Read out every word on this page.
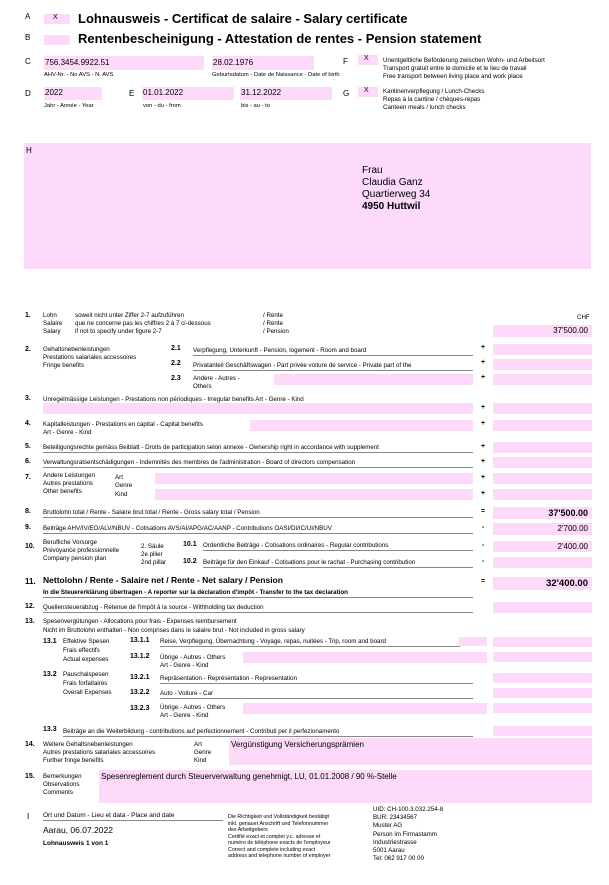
A	X Lohnausweis - Certificat de salaire - Salary certificate
B	Rentenbescheinigung - Attestation de rentes - Pension statement
C 756.3454.9922.51
AHV-Nr. - No AVS - N. AVS
28.02.1976
Geburtsdatum - Date de Naissance - Date of birth
F X Unentgeltliche Beförderung zwischen Wohn- und Arbeitsort
Transport gratuit entre le domicile et le lieu de travail
Free transport between living place and work place
D 2022
Jahr - Année - Year
E 01.01.2022
von - du - from
31.12.2022
bis - au - to
G X Kantinenverpflegung / Lunch-Checks
Repas à la cantine / chèques-repas
Canteen meals / lunch checks
H
Frau
Claudia Ganz
Quartierweg 34
4950 Huttwil
CHF
1. Lohn
Salaire
Salary
soweit nicht unter Ziffer 2-7 aufzuführen
que ne concerne pas les chiffres 2 à 7 ci-dessous
if not to specify under figure 2-7
/ Rente
/ Rente
/ Pension	37'500.00
2. Gehaltsnebenleistungen
Prestations salariales accessoires
Fringe benefits
2.1 Verpflegung, Unterkunft - Pension, logement - Room and board	+
2.2 Privatanteil Geschäftswagen - Part privée voiture de service - Private part of the	+
2.3 Andere - Autres -
Others
+
3. Unregelmässige Leistungen - Prestations non périodiques - Irregular benefits Art - Genre - Kind
+
4. Kapitalleistungen - Prestations en capital - Capital benefits
Art - Genre - Kind
+
5. Beteiligungsrechte gemäss Beiblatt - Droits de participation selon annexe - Ownership right in accordance with supplement	+
6. Verwaltungsratsentschädigungen - Indemnités des membres de l'administration - Board of directors compensation	+
7. Andere Leistungen
Autres prestations
Other benefits
Art
Genre
Kind
+
+
8. Bruttolohn total / Rente - Salaire brut total / Rente - Gross salary total / Pension	=	37'500.00
9. Beiträge AHV/IV/EO/ALV/NBUV - Cotisations AVS/AI/APG/AC/AANP - Contributions OASI/DI/IC/UI/NBUV	-	2'700.00
10.
Berufliche Vorsorge
Prévoyance professionnelle
Company pension plan
2. Säule
2e pilier
2nd pillar
10.1 Ordentliche Beiträge - Cotisations ordinaires - Regular contributions	-	2'400.00
10.2 Beiträge für den Einkauf - Cotisations pour le rachat - Purchasing contribution	-
11. Nettolohn / Rente - Salaire net / Rente - Net salary / Pension
In die Steuererklärung übertragen - A reporter sur la déclaration d'impôt - Transfer to the tax declaration
=	32'400.00
12. Quellensteuerabzug - Retenue de l'impôt à la source - Withholding tax deduction
13. Spesenvergütungen - Allocations pour frais - Expenses reimbursement
Nicht im Bruttolohn enthalten - Non comprises dans le salaire brut - Not included in gross salary
13.1 Effektive Spesen
Frais effectifs
Actual expenses
13.1.1 Reise, Verpflegung, Übernachtung - Voyage, repas, nuitées - Trip, room and board
13.1.2 Übrige - Autres - Others
Art - Genre - Kind
13.2 Pauschalspesen
Frais forfaitaires
Overall Expenses
13.2.1 Repräsentation - Représentation - Representation
13.2.2 Auto - Voiture - Car
13.2.3 Übrige - Autres - Others
Art - Genre - Kind
13.3 Beiträge an die Weiterbildung - contributions auf perfectionnement - Contributi per il perfezionamento
14. Weitere Gehaltsnebenleistungen
Autres prestations salariales accessoires
Further fringe benefits
Art
Genre
Kind
Vergünstigung Versicherungsprämien
15. Bemerkungen
Observations
Comments
Spesenreglement durch Steuerverwaltung genehmigt, LU, 01.01.2008 / 90 %-Stelle
I Ort und Datum - Lieu et data - Place and date
Aarau, 06.07.2022
Lohnausweis 1 von 1
Die Richtigkeit und Vollständigkeit bestätigt
inkl. genauer Anschrift und Telefonnummer
des Arbeitgebers
Certifié exact et complet y.c. adresse et
numéro de téléphone exacts de l'employeur
Correct and complete including exact
address and telephone number of employer
UID: CH-100.3.032.254-8
BUR: 23434567
Muster AG
Person im Firmastamm
Industriestrasse
5001 Aarau
Tel: 062 917 00 00
